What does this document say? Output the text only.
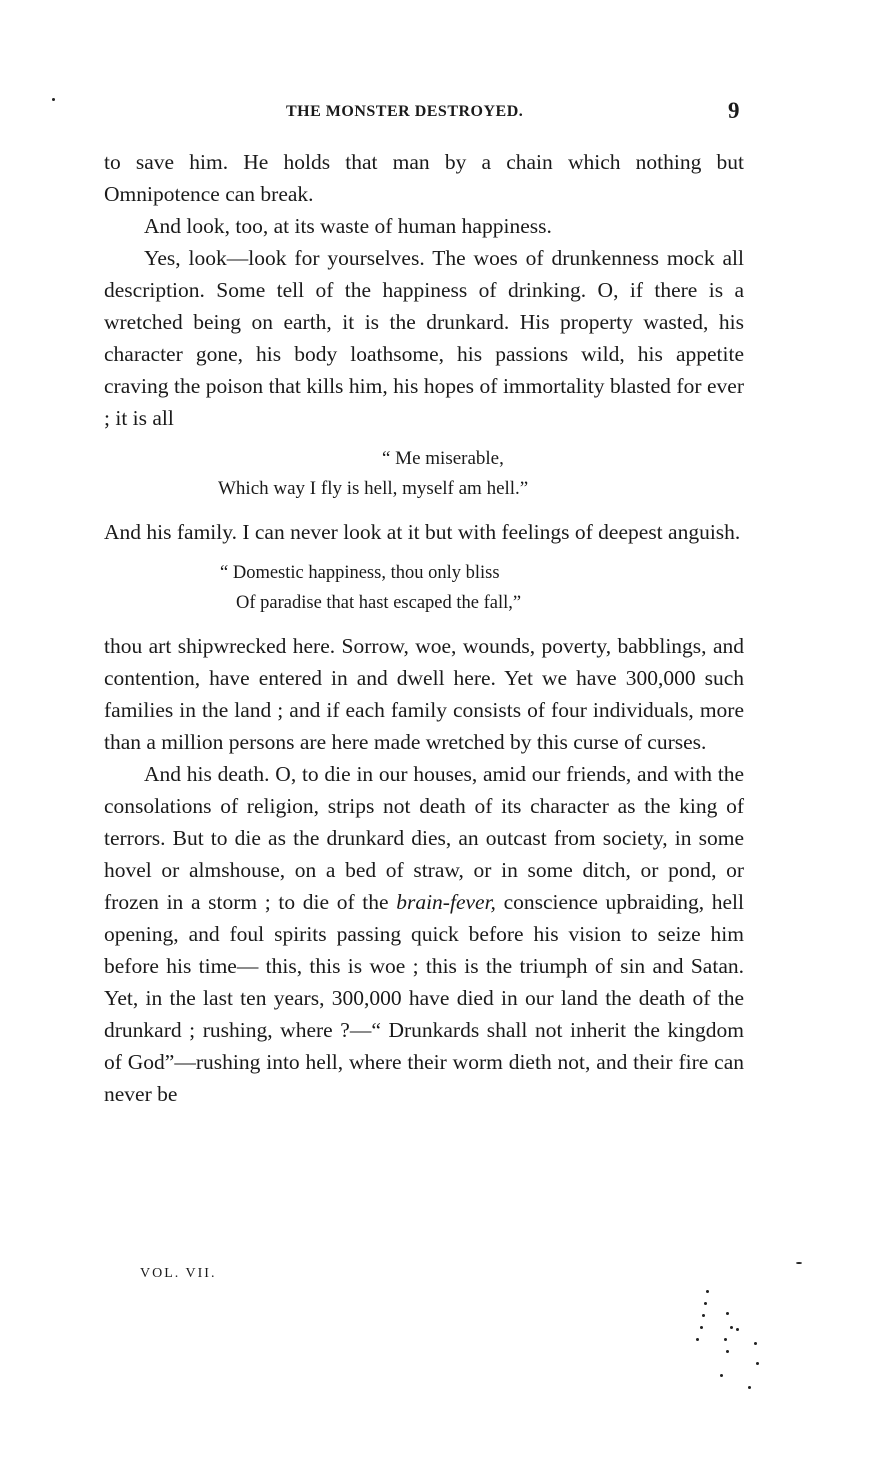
THE MONSTER DESTROYED.	9

to save him. He holds that man by a chain which nothing but Omnipotence can break.

And look, too, at its waste of human happiness.

Yes, look—look for yourselves. The woes of drunkenness mock all description. Some tell of the happiness of drinking. O, if there is a wretched being on earth, it is the drunkard. His property wasted, his character gone, his body loathsome, his passions wild, his appetite craving the poison that kills him, his hopes of immortality blasted for ever ; it is all

“ Me miserable,
Which way I fly is hell, myself am hell.”

And his family. I can never look at it but with feelings of deepest anguish.

“ Domestic happiness, thou only bliss
Of paradise that hast escaped the fall,”

thou art shipwrecked here. Sorrow, woe, wounds, poverty, babblings, and contention, have entered in and dwell here. Yet we have 300,000 such families in the land ; and if each family consists of four individuals, more than a million persons are here made wretched by this curse of curses.

And his death. O, to die in our houses, amid our friends, and with the consolations of religion, strips not death of its character as the king of terrors. But to die as the drunkard dies, an outcast from society, in some hovel or almshouse, on a bed of straw, or in some ditch, or pond, or frozen in a storm ; to die of the brain-fever, conscience upbraiding, hell opening, and foul spirits passing quick before his vision to seize him before his time— this, this is woe ; this is the triumph of sin and Satan. Yet, in the last ten years, 300,000 have died in our land the death of the drunkard ; rushing, where ?—“ Drunkards shall not inherit the kingdom of God”—rushing into hell, where their worm dieth not, and their fire can never be

VOL. VII.
